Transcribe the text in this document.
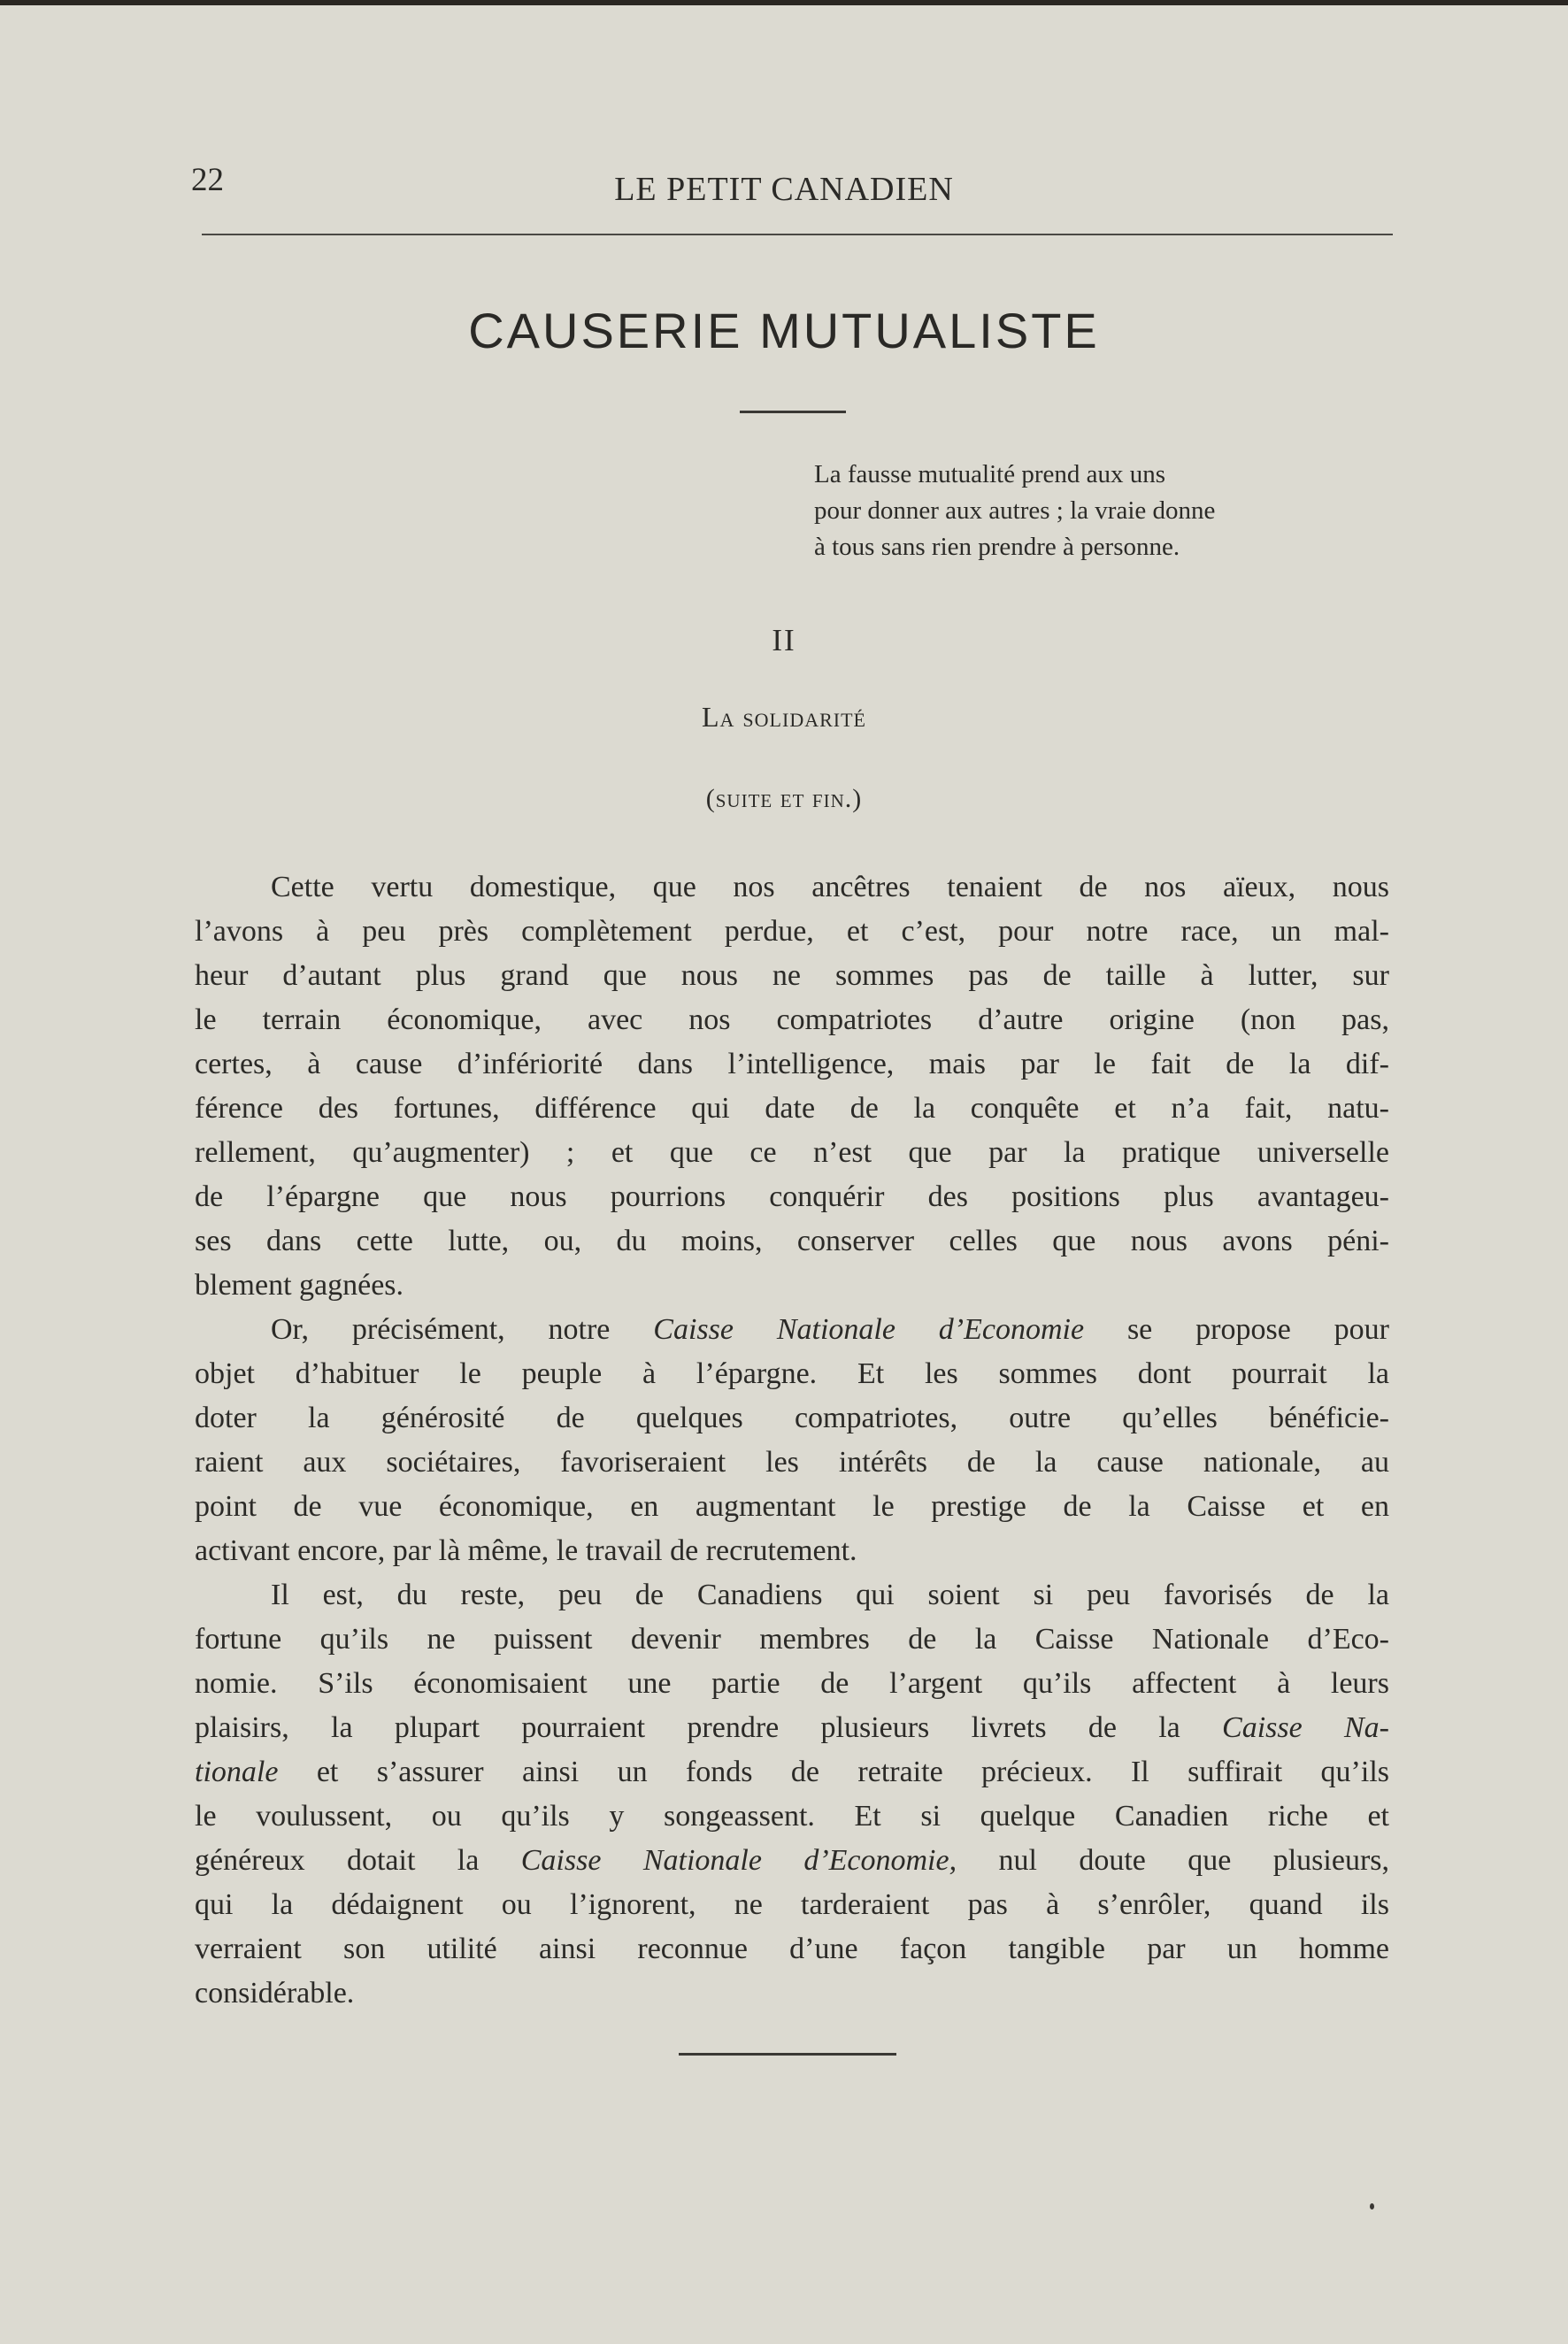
22	LE PETIT CANADIEN
CAUSERIE MUTUALISTE
La fausse mutualité prend aux uns
pour donner aux autres ; la vraie donne
à tous sans rien prendre à personne.
II
La solidarité
(suite et fin.)
Cette vertu domestique, que nos ancêtres tenaient de nos aïeux, nous
l’avons à peu près complètement perdue, et c’est, pour notre race, un mal-
heur d’autant plus grand que nous ne sommes pas de taille à lutter, sur
le terrain économique, avec nos compatriotes d’autre origine (non pas,
certes, à cause d’infériorité dans l’intelligence, mais par le fait de la dif-
férence des fortunes, différence qui date de la conquête et n’a fait, natu-
rellement, qu’augmenter) ; et que ce n’est que par la pratique universelle
de l’épargne que nous pourrions conquérir des positions plus avantageu-
ses dans cette lutte, ou, du moins, conserver celles que nous avons péni-
blement gagnées.
Or, précisément, notre Caisse Nationale d’Economie se propose pour
objet d’habituer le peuple à l’épargne. Et les sommes dont pourrait la
doter la générosité de quelques compatriotes, outre qu’elles bénéficie-
raient aux sociétaires, favoriseraient les intérêts de la cause nationale, au
point de vue économique, en augmentant le prestige de la Caisse et en
activant encore, par là même, le travail de recrutement.
Il est, du reste, peu de Canadiens qui soient si peu favorisés de la
fortune qu’ils ne puissent devenir membres de la Caisse Nationale d’Eco-
nomie. S’ils économisaient une partie de l’argent qu’ils affectent à leurs
plaisirs, la plupart pourraient prendre plusieurs livrets de la Caisse Na-
tionale et s’assurer ainsi un fonds de retraite précieux. Il suffirait qu’ils
le voulussent, ou qu’ils y songeassent. Et si quelque Canadien riche et
généreux dotait la Caisse Nationale d’Economie, nul doute que plusieurs,
qui la dédaignent ou l’ignorent, ne tarderaient pas à s’enrôler, quand ils
verraient son utilité ainsi reconnue d’une façon tangible par un homme
considérable.
